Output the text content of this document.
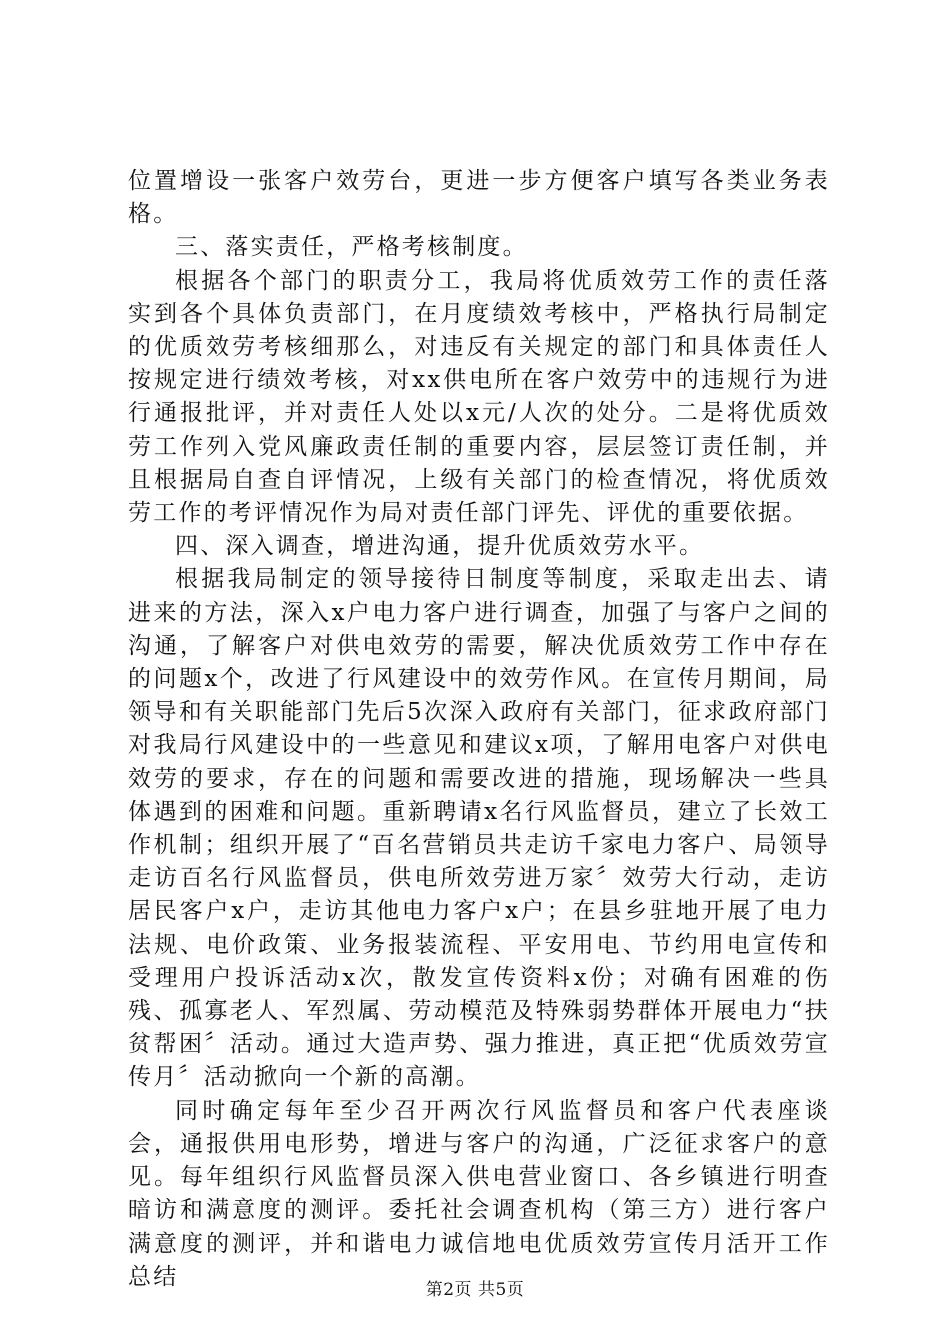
位置增设一张客户效劳台，更进一步方便客户填写各类业务表格。

三、落实责任，严格考核制度。

根据各个部门的职责分工，我局将优质效劳工作的责任落实到各个具体负责部门，在月度绩效考核中，严格执行局制定的优质效劳考核细那么，对违反有关规定的部门和具体责任人按规定进行绩效考核，对xx供电所在客户效劳中的违规行为进行通报批评，并对责任人处以x元/人次的处分。二是将优质效劳工作列入党风廉政责任制的重要内容，层层签订责任制，并且根据局自查自评情况，上级有关部门的检查情况，将优质效劳工作的考评情况作为局对责任部门评先、评优的重要依据。

四、深入调查，增进沟通，提升优质效劳水平。

根据我局制定的领导接待日制度等制度，采取走出去、请进来的方法，深入x户电力客户进行调查，加强了与客户之间的沟通，了解客户对供电效劳的需要，解决优质效劳工作中存在的问题x个，改进了行风建设中的效劳作风。在宣传月期间，局领导和有关职能部门先后5次深入政府有关部门，征求政府部门对我局行风建设中的一些意见和建议x项，了解用电客户对供电效劳的要求，存在的问题和需要改进的措施，现场解决一些具体遇到的困难和问题。重新聘请x名行风监督员，建立了长效工作机制；组织开展了“百名营销员共走访千家电力客户、局领导走访百名行风监督员，供电所效劳进万家〞效劳大行动，走访居民客户x户，走访其他电力客户x户；在县乡驻地开展了电力法规、电价政策、业务报装流程、平安用电、节约用电宣传和受理用户投诉活动x次，散发宣传资料x份；对确有困难的伤残、孤寡老人、军烈属、劳动模范及特殊弱势群体开展电力“扶贫帮困〞活动。通过大造声势、强力推进，真正把“优质效劳宣传月〞活动掀向一个新的高潮。

同时确定每年至少召开两次行风监督员和客户代表座谈会，通报供用电形势，增进与客户的沟通，广泛征求客户的意见。每年组织行风监督员深入供电营业窗口、各乡镇进行明查暗访和满意度的测评。委托社会调查机构（第三方）进行客户满意度的测评，并和谐电力诚信地电优质效劳宣传月活开工作总结

第2页 共5页
